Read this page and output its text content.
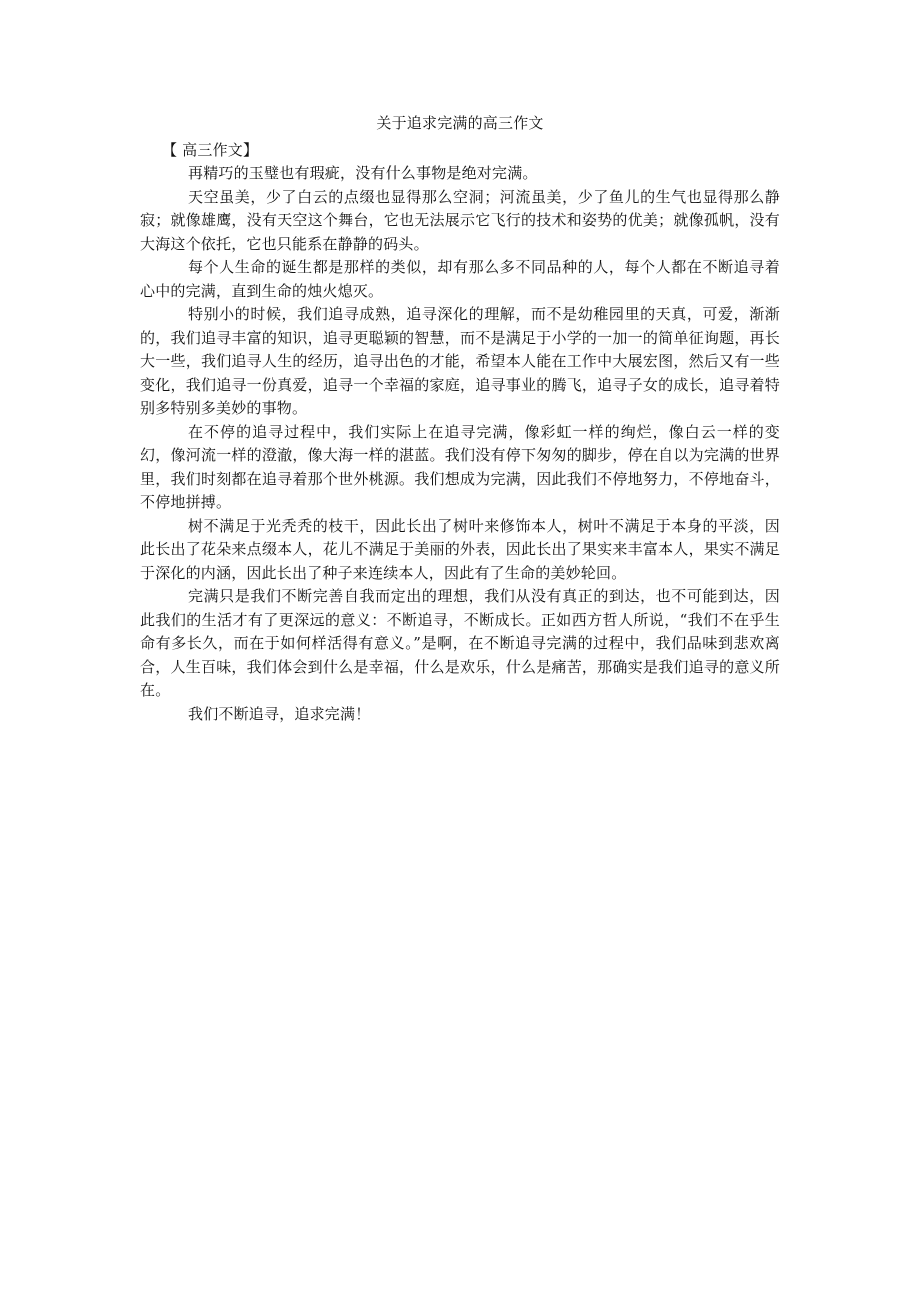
关于追求完满的高三作文
【 高三作文】

再精巧的玉璧也有瑕疵，没有什么事物是绝对完满。

天空虽美，少了白云的点缀也显得那么空洞；河流虽美，少了鱼儿的生气也显得那么静寂；就像雄鹰，没有天空这个舞台，它也无法展示它飞行的技术和姿势的优美；就像孤帆，没有大海这个依托，它也只能系在静静的码头。

每个人生命的诞生都是那样的类似，却有那么多不同品种的人，每个人都在不断追寻着心中的完满，直到生命的烛火熄灭。

特别小的时候，我们追寻成熟，追寻深化的理解，而不是幼稚园里的天真，可爱，渐渐的，我们追寻丰富的知识，追寻更聪颖的智慧，而不是满足于小学的一加一的简单征询题，再长大一些，我们追寻人生的经历，追寻出色的才能，希望本人能在工作中大展宏图，然后又有一些变化，我们追寻一份真爱，追寻一个幸福的家庭，追寻事业的腾飞，追寻子女的成长，追寻着特别多特别多美妙的事物。

在不停的追寻过程中，我们实际上在追寻完满，像彩虹一样的绚烂，像白云一样的变幻，像河流一样的澄澈，像大海一样的湛蓝。我们没有停下匆匆的脚步，停在自以为完满的世界里，我们时刻都在追寻着那个世外桃源。我们想成为完满，因此我们不停地努力，不停地奋斗，不停地拼搏。

树不满足于光秃秃的枝干，因此长出了树叶来修饰本人，树叶不满足于本身的平淡，因此长出了花朵来点缀本人，花儿不满足于美丽的外表，因此长出了果实来丰富本人，果实不满足于深化的内涵，因此长出了种子来连续本人，因此有了生命的美妙轮回。

完满只是我们不断完善自我而定出的理想，我们从没有真正的到达，也不可能到达，因此我们的生活才有了更深远的意义：不断追寻，不断成长。正如西方哲人所说，“我们不在乎生命有多长久，而在于如何样活得有意义。”是啊，在不断追寻完满的过程中，我们品味到悲欢离合，人生百味，我们体会到什么是幸福，什么是欢乐，什么是痛苦，那确实是我们追寻的意义所在。

我们不断追寻，追求完满！
